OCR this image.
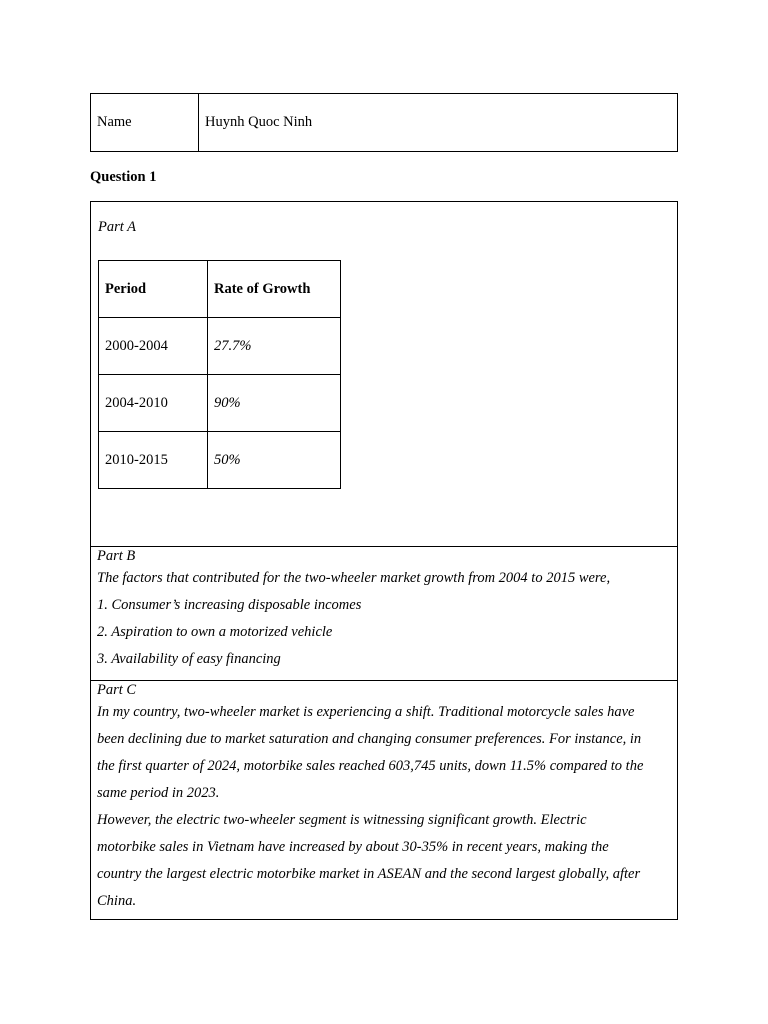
Name	Huynh Quoc Ninh
Question 1
Part A
Period	Rate of Growth
2000-2004	27.7%
2004-2010	90%
2010-2015	50%
Part B
The factors that contributed for the two-wheeler market growth from 2004 to 2015 were,
1. Consumer’s increasing disposable incomes
2. Aspiration to own a motorized vehicle
3. Availability of easy financing
Part C
In my country, two-wheeler market is experiencing a shift. Traditional motorcycle sales have
been declining due to market saturation and changing consumer preferences. For instance, in
the first quarter of 2024, motorbike sales reached 603,745 units, down 11.5% compared to the
same period in 2023.
However, the electric two-wheeler segment is witnessing significant growth. Electric
motorbike sales in Vietnam have increased by about 30-35% in recent years, making the
country the largest electric motorbike market in ASEAN and the second largest globally, after
China.
